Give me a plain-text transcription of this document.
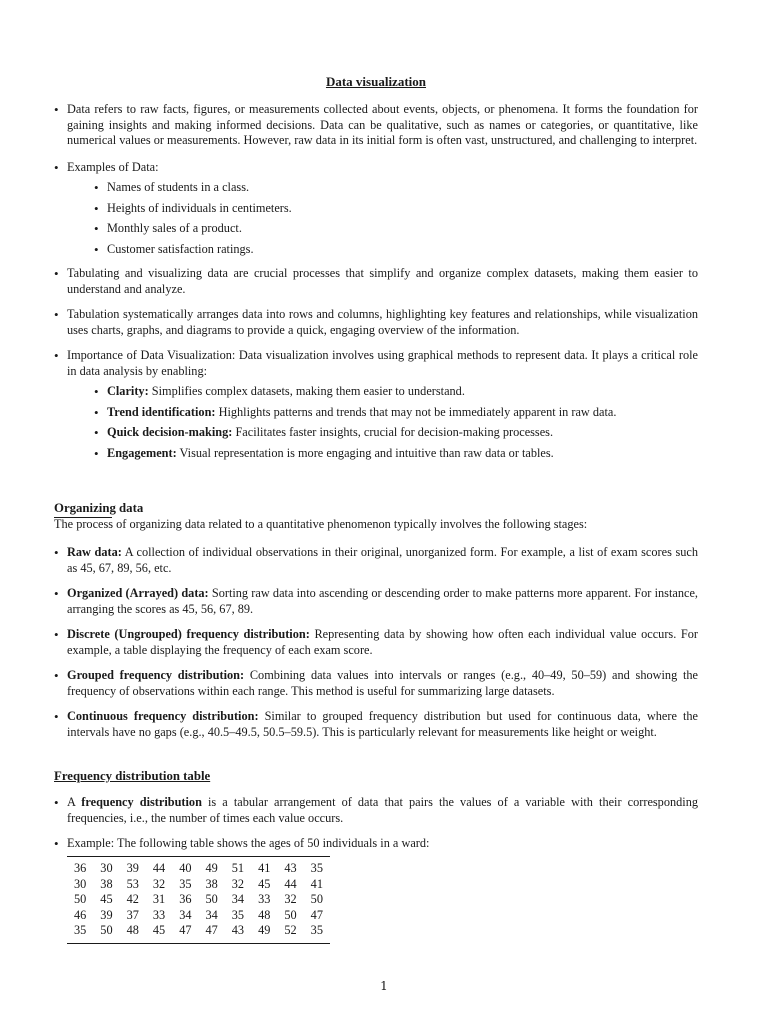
Data visualization
• Data refers to raw facts, figures, or measurements collected about events, objects, or phenomena. It forms the foundation for gaining insights and making informed decisions. Data can be qualitative, such as names or categories, or quantitative, like numerical values or measurements. However, raw data in its initial form is often vast, unstructured, and challenging to interpret.
• Examples of Data:
• Names of students in a class.
• Heights of individuals in centimeters.
• Monthly sales of a product.
• Customer satisfaction ratings.
• Tabulating and visualizing data are crucial processes that simplify and organize complex datasets, making them easier to understand and analyze.
• Tabulation systematically arranges data into rows and columns, highlighting key features and relationships, while visualization uses charts, graphs, and diagrams to provide a quick, engaging overview of the information.
• Importance of Data Visualization: Data visualization involves using graphical methods to represent data. It plays a critical role in data analysis by enabling:
• Clarity: Simplifies complex datasets, making them easier to understand.
• Trend identification: Highlights patterns and trends that may not be immediately apparent in raw data.
• Quick decision-making: Facilitates faster insights, crucial for decision-making processes.
• Engagement: Visual representation is more engaging and intuitive than raw data or tables.
Organizing data
The process of organizing data related to a quantitative phenomenon typically involves the following stages:
• Raw data: A collection of individual observations in their original, unorganized form. For example, a list of exam scores such as 45, 67, 89, 56, etc.
• Organized (Arrayed) data: Sorting raw data into ascending or descending order to make patterns more apparent. For instance, arranging the scores as 45, 56, 67, 89.
• Discrete (Ungrouped) frequency distribution: Representing data by showing how often each individual value occurs. For example, a table displaying the frequency of each exam score.
• Grouped frequency distribution: Combining data values into intervals or ranges (e.g., 40–49, 50–59) and showing the frequency of observations within each range. This method is useful for summarizing large datasets.
• Continuous frequency distribution: Similar to grouped frequency distribution but used for continuous data, where the intervals have no gaps (e.g., 40.5–49.5, 50.5–59.5). This is particularly relevant for measurements like height or weight.
Frequency distribution table
• A frequency distribution is a tabular arrangement of data that pairs the values of a variable with their corresponding frequencies, i.e., the number of times each value occurs.
• Example: The following table shows the ages of 50 individuals in a ward:
36	30	39	44	40	49	51	41	43	35
30	38	53	32	35	38	32	45	44	41
50	45	42	31	36	50	34	33	32	50
46	39	37	33	34	34	35	48	50	47
35	50	48	45	47	47	43	49	52	35
1
